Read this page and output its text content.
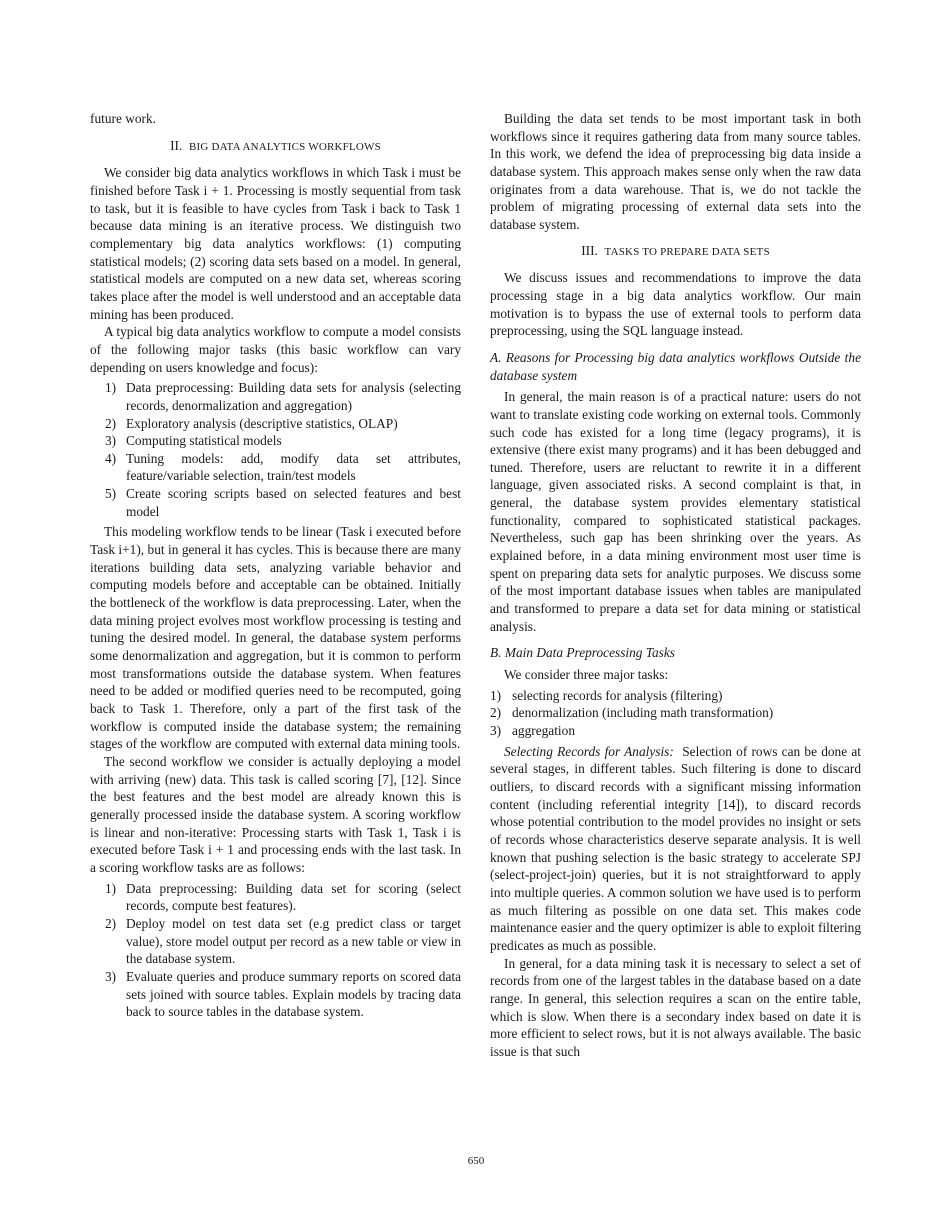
future work.

II. BIG DATA ANALYTICS WORKFLOWS

We consider big data analytics workflows in which Task i must be finished before Task i + 1. Processing is mostly sequential from task to task, but it is feasible to have cycles from Task i back to Task 1 because data mining is an iterative process. We distinguish two complementary big data analytics workflows: (1) computing statistical models; (2) scoring data sets based on a model. In general, statistical models are computed on a new data set, whereas scoring takes place after the model is well understood and an acceptable data mining has been produced.

A typical big data analytics workflow to compute a model consists of the following major tasks (this basic workflow can vary depending on users knowledge and focus):

1) Data preprocessing: Building data sets for analysis (selecting records, denormalization and aggregation)
2) Exploratory analysis (descriptive statistics, OLAP)
3) Computing statistical models
4) Tuning models: add, modify data set attributes, feature/variable selection, train/test models
5) Create scoring scripts based on selected features and best model

This modeling workflow tends to be linear (Task i executed before Task i+1), but in general it has cycles. This is because there are many iterations building data sets, analyzing variable behavior and computing models before and acceptable can be obtained. Initially the bottleneck of the workflow is data preprocessing. Later, when the data mining project evolves most workflow processing is testing and tuning the desired model. In general, the database system performs some denormalization and aggregation, but it is common to perform most transformations outside the database system. When features need to be added or modified queries need to be recomputed, going back to Task 1. Therefore, only a part of the first task of the workflow is computed inside the database system; the remaining stages of the workflow are computed with external data mining tools.

The second workflow we consider is actually deploying a model with arriving (new) data. This task is called scoring [7], [12]. Since the best features and the best model are already known this is generally processed inside the database system. A scoring workflow is linear and non-iterative: Processing starts with Task 1, Task i is executed before Task i + 1 and processing ends with the last task. In a scoring workflow tasks are as follows:

1) Data preprocessing: Building data set for scoring (select records, compute best features).
2) Deploy model on test data set (e.g predict class or target value), store model output per record as a new table or view in the database system.
3) Evaluate queries and produce summary reports on scored data sets joined with source tables. Explain models by tracing data back to source tables in the database system.

Building the data set tends to be most important task in both workflows since it requires gathering data from many source tables. In this work, we defend the idea of preprocessing big data inside a database system. This approach makes sense only when the raw data originates from a data warehouse. That is, we do not tackle the problem of migrating processing of external data sets into the database system.

III. TASKS TO PREPARE DATA SETS

We discuss issues and recommendations to improve the data processing stage in a big data analytics workflow. Our main motivation is to bypass the use of external tools to perform data preprocessing, using the SQL language instead.

A. Reasons for Processing big data analytics workflows Outside the database system

In general, the main reason is of a practical nature: users do not want to translate existing code working on external tools. Commonly such code has existed for a long time (legacy programs), it is extensive (there exist many programs) and it has been debugged and tuned. Therefore, users are reluctant to rewrite it in a different language, given associated risks. A second complaint is that, in general, the database system provides elementary statistical functionality, compared to sophisticated statistical packages. Nevertheless, such gap has been shrinking over the years. As explained before, in a data mining environment most user time is spent on preparing data sets for analytic purposes. We discuss some of the most important database issues when tables are manipulated and transformed to prepare a data set for data mining or statistical analysis.

B. Main Data Preprocessing Tasks

We consider three major tasks:

1) selecting records for analysis (filtering)
2) denormalization (including math transformation)
3) aggregation

Selecting Records for Analysis: Selection of rows can be done at several stages, in different tables. Such filtering is done to discard outliers, to discard records with a significant missing information content (including referential integrity [14]), to discard records whose potential contribution to the model provides no insight or sets of records whose characteristics deserve separate analysis. It is well known that pushing selection is the basic strategy to accelerate SPJ (select-project-join) queries, but it is not straightforward to apply into multiple queries. A common solution we have used is to perform as much filtering as possible on one data set. This makes code maintenance easier and the query optimizer is able to exploit filtering predicates as much as possible.

In general, for a data mining task it is necessary to select a set of records from one of the largest tables in the database based on a date range. In general, this selection requires a scan on the entire table, which is slow. When there is a secondary index based on date it is more efficient to select rows, but it is not always available. The basic issue is that such

650
